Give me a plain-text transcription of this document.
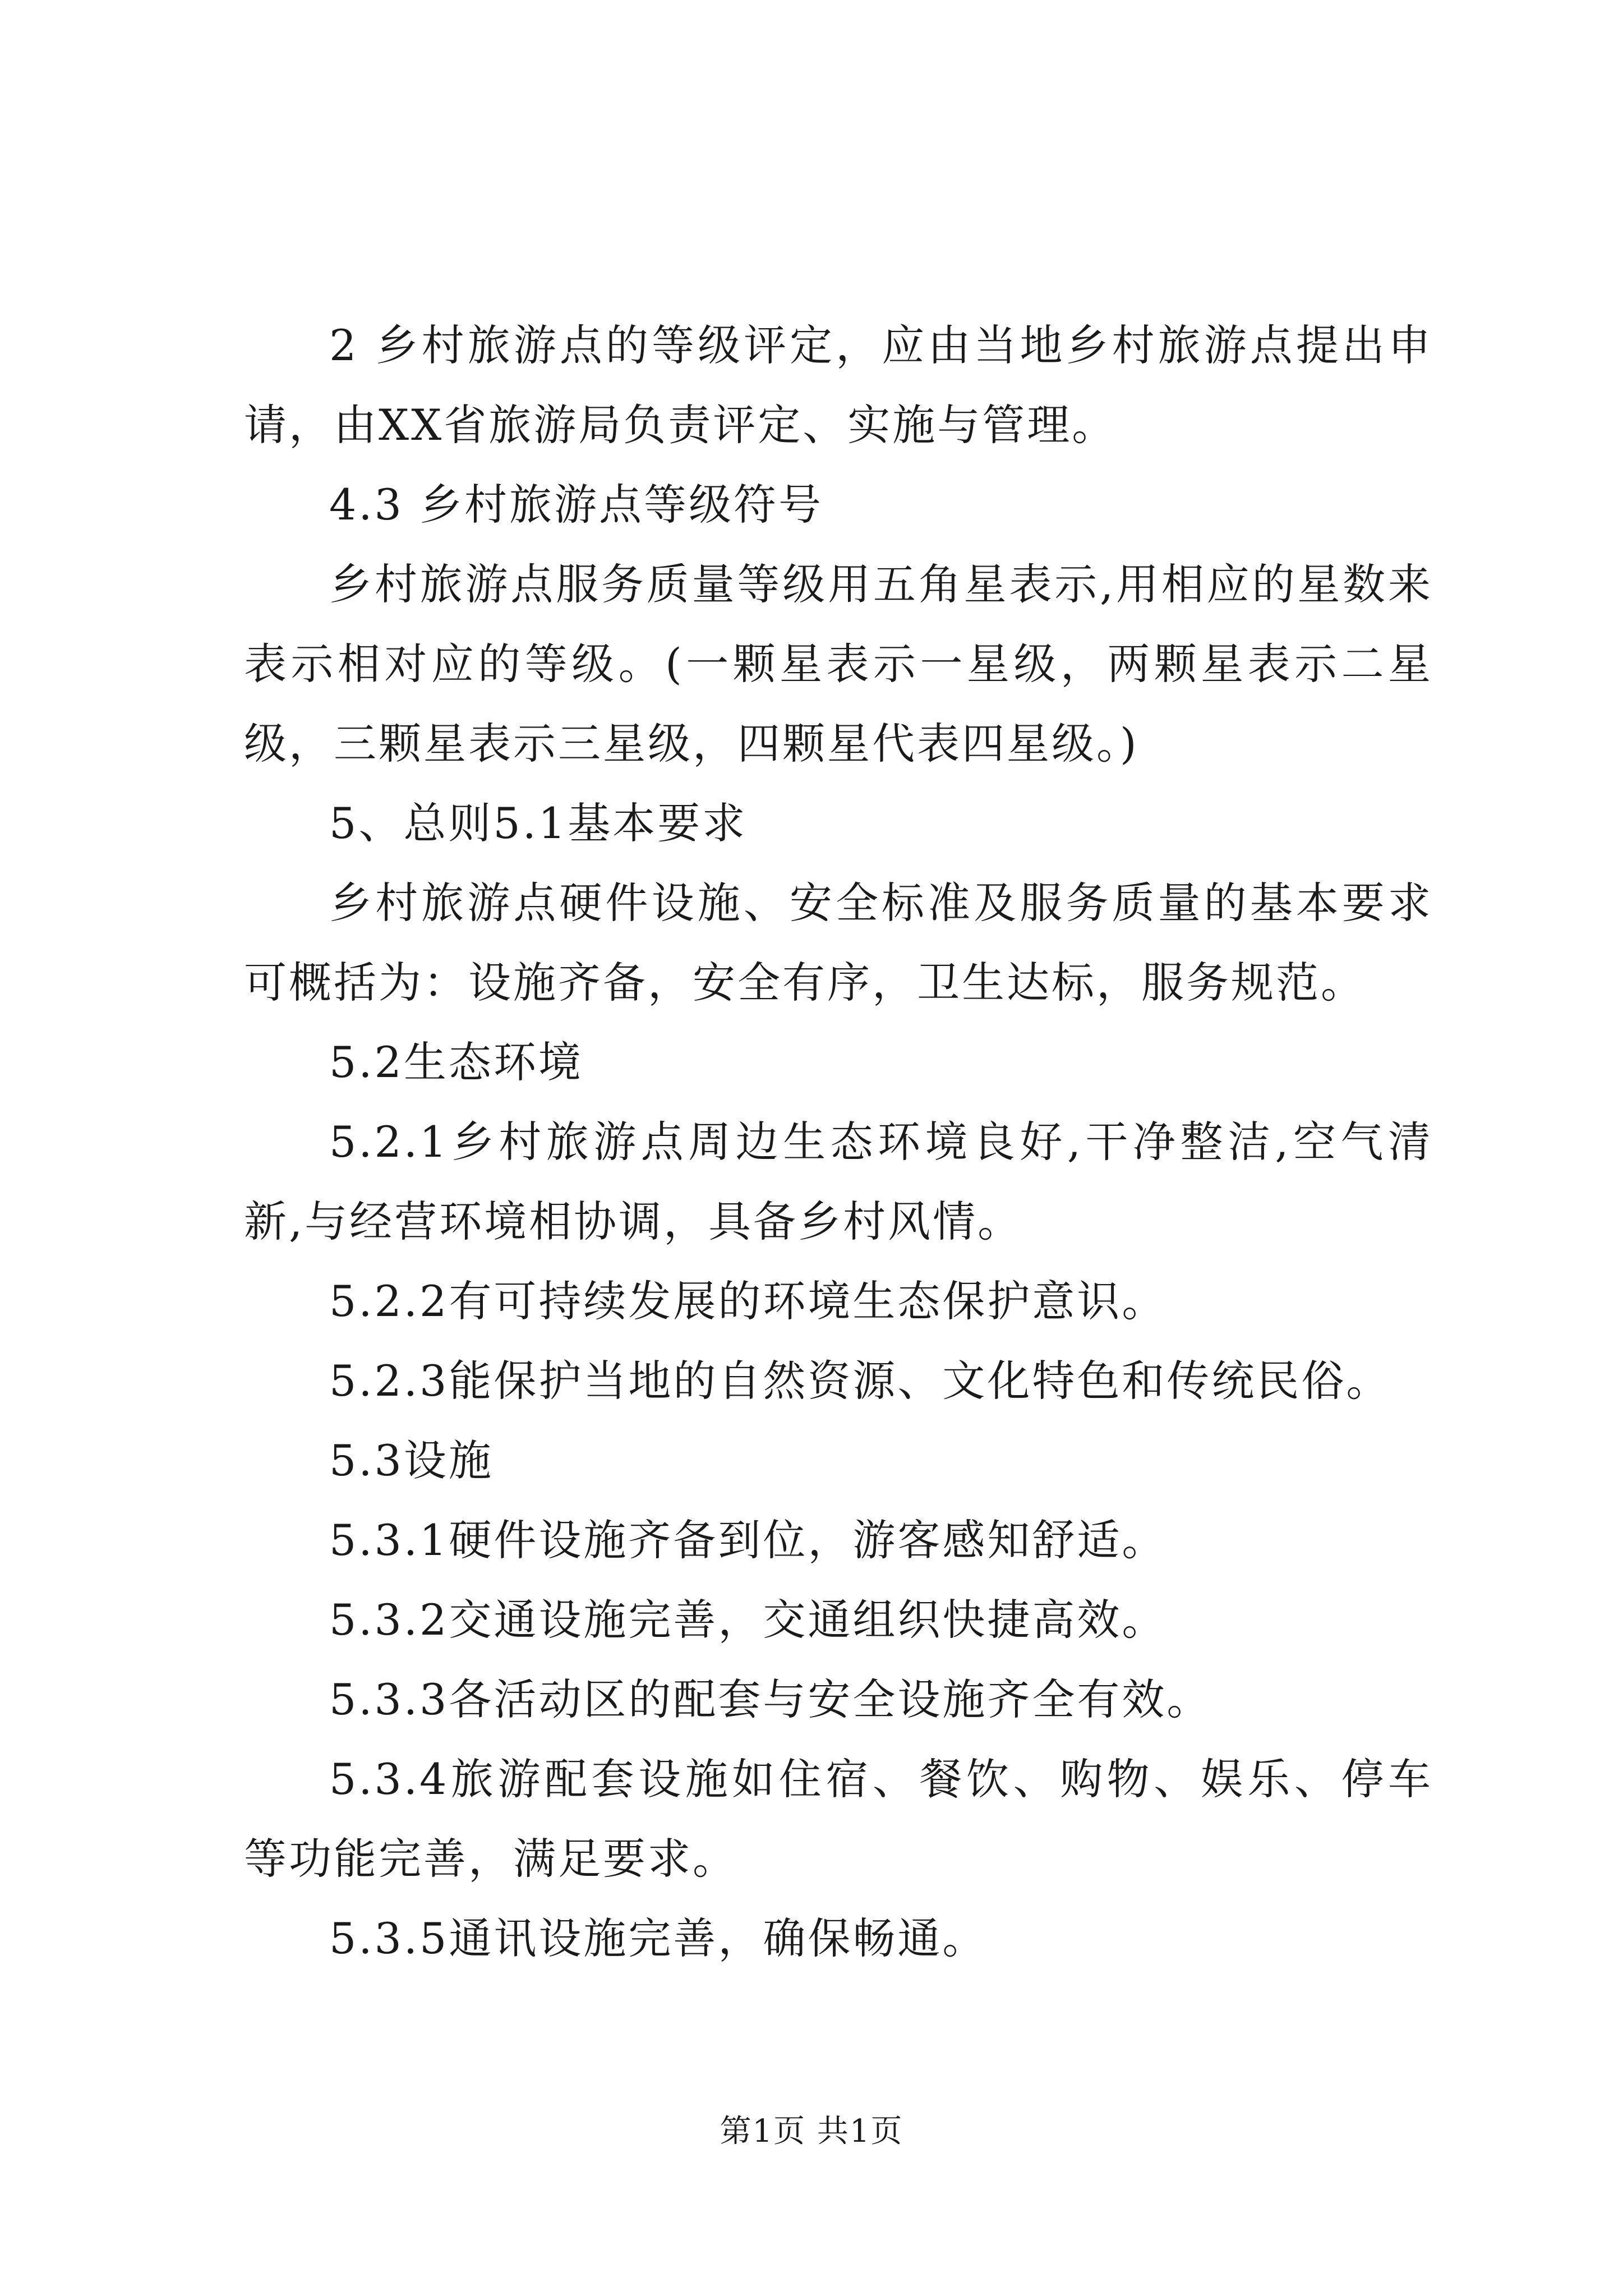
2 乡村旅游点的等级评定，应由当地乡村旅游点提出申请，由XX省旅游局负责评定、实施与管理。

4.3 乡村旅游点等级符号

乡村旅游点服务质量等级用五角星表示,用相应的星数来表示相对应的等级。(一颗星表示一星级，两颗星表示二星级，三颗星表示三星级，四颗星代表四星级。)

5、总则5.1基本要求

乡村旅游点硬件设施、安全标准及服务质量的基本要求可概括为：设施齐备，安全有序，卫生达标，服务规范。

5.2生态环境

5.2.1乡村旅游点周边生态环境良好,干净整洁,空气清新,与经营环境相协调，具备乡村风情。

5.2.2有可持续发展的环境生态保护意识。

5.2.3能保护当地的自然资源、文化特色和传统民俗。

5.3设施

5.3.1硬件设施齐备到位，游客感知舒适。

5.3.2交通设施完善，交通组织快捷高效。

5.3.3各活动区的配套与安全设施齐全有效。

5.3.4旅游配套设施如住宿、餐饮、购物、娱乐、停车等功能完善，满足要求。

5.3.5通讯设施完善，确保畅通。

第1页 共1页
